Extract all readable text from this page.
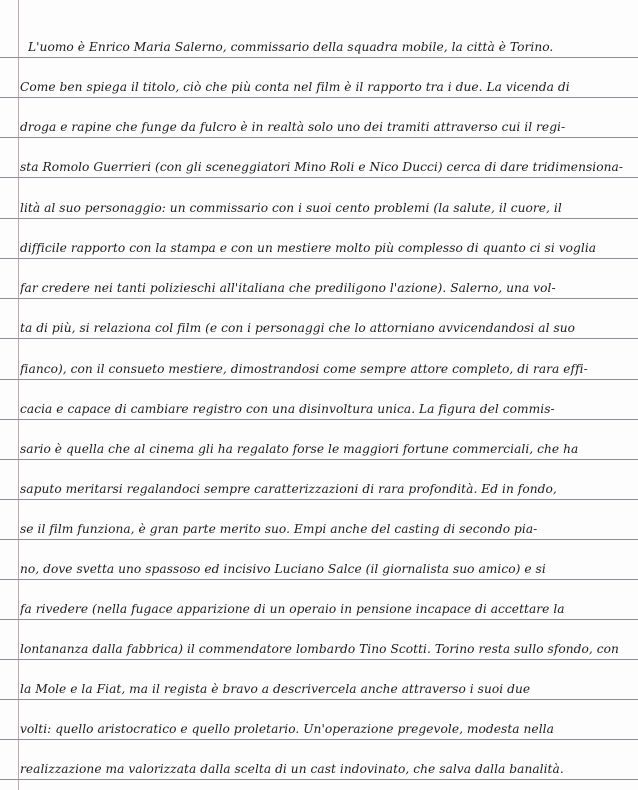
L'uomo è Enrico Maria Salerno, commissario della squadra mobile, la città è Torino.
Come ben spiega il titolo, ciò che più conta nel film è il rapporto tra i due. La vicenda di
droga e rapine che funge da fulcro è in realtà solo uno dei tramiti attraverso cui il regi-
sta Romolo Guerrieri (con gli sceneggiatori Mino Roli e Nico Ducci) cerca di dare tridimensiona-
lità al suo personaggio: un commissario con i suoi cento problemi (la salute, il cuore, il
difficile rapporto con la stampa e con un mestiere molto più complesso di quanto ci si voglia
far credere nei tanti polizieschi all'italiana che prediligono l'azione). Salerno, una vol-
ta di più, si relaziona col film (e con i personaggi che lo attorniano avvicendandosi al suo
fianco), con il consueto mestiere, dimostrandosi come sempre attore completo, di rara effi-
cacia e capace di cambiare registro con una disinvoltura unica. La figura del commis-
sario è quella che al cinema gli ha regalato forse le maggiori fortune commerciali, che ha
saputo meritarsi regalandoci sempre caratterizzazioni di rara profondità. Ed in fondo,
se il film funziona, è gran parte merito suo. Empi anche del casting di secondo pia-
no, dove svetta uno spassoso ed incisivo Luciano Salce (il giornalista suo amico) e si
fa rivedere (nella fugace apparizione di un operaio in pensione incapace di accettare la
lontananza dalla fabbrica) il commendatore lombardo Tino Scotti. Torino resta sullo sfondo, con
la Mole e la Fiat, ma il regista è bravo a descrivercela anche attraverso i suoi due
volti: quello aristocratico e quello proletario. Un'operazione pregevole, modesta nella
realizzazione ma valorizzata dalla scelta di un cast indovinato, che salva dalla banalità.
